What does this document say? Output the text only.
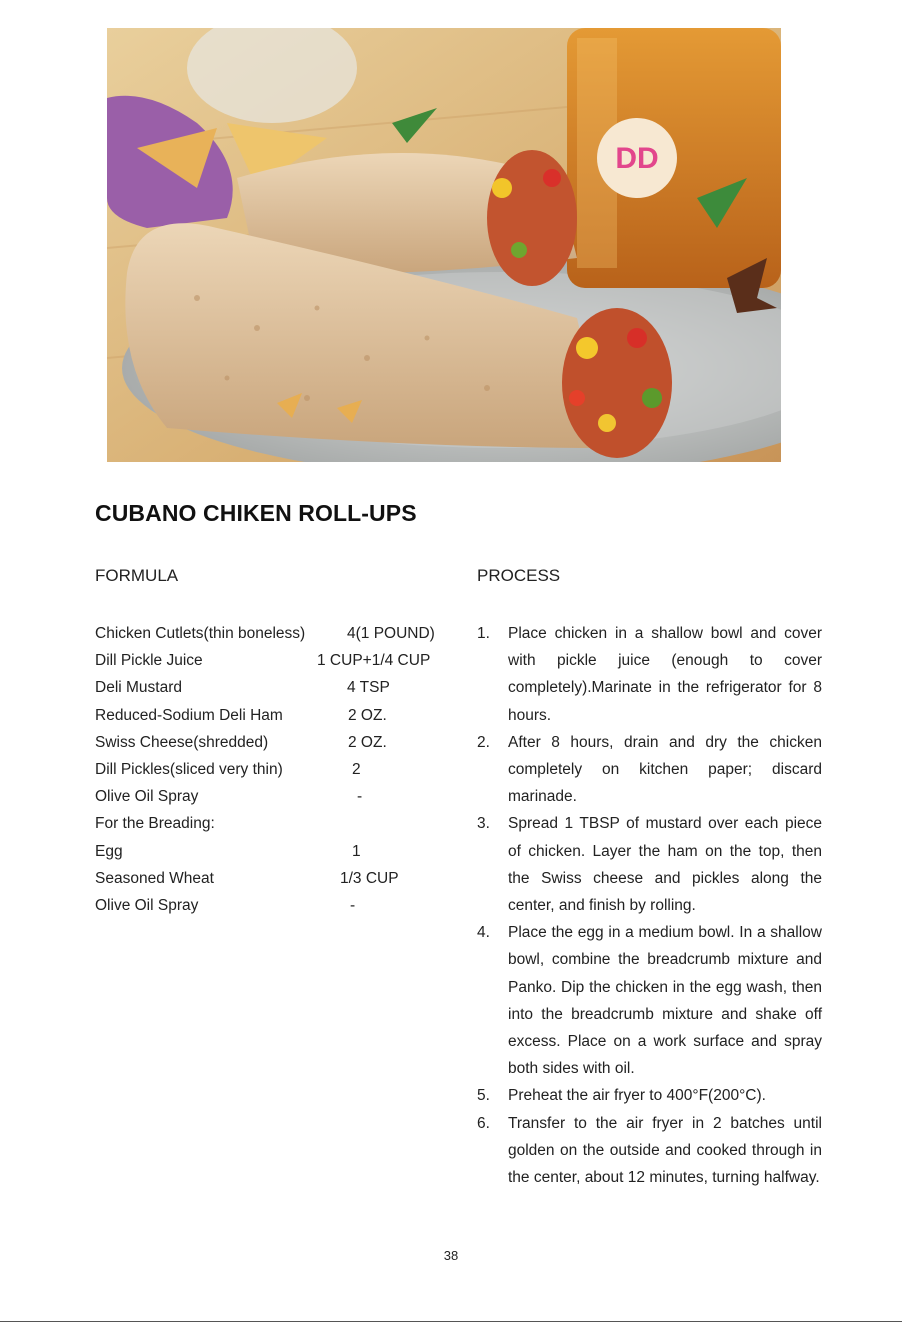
DD
CUBANO CHIKEN ROLL-UPS
FORMULA	PROCESS
Chicken Cutlets(thin boneless)	4(1 POUND)
Dill Pickle Juice	1 CUP+1/4 CUP
Deli Mustard	4 TSP
Reduced-Sodium Deli Ham	2 OZ.
Swiss Cheese(shredded)	2 OZ.
Dill Pickles(sliced very thin)	2
Olive Oil Spray	-
For the Breading:
Egg	1
Seasoned Wheat	1/3 CUP
Olive Oil Spray	-
1. Place chicken in a shallow bowl and cover with pickle juice (enough to cover completely).Marinate in the refrigerator for 8 hours.
2. After 8 hours, drain and dry the chicken completely on kitchen paper; discard marinade.
3. Spread 1 TBSP of mustard over each piece of chicken. Layer the ham on the top, then the Swiss cheese and pickles along the center, and finish by rolling.
4. Place the egg in a medium bowl. In a shallow bowl, combine the breadcrumb mixture and Panko. Dip the chicken in the egg wash, then into the breadcrumb mixture and shake off excess. Place on a work surface and spray both sides with oil.
5. Preheat the air fryer to 400°F(200°C).
6. Transfer to the air fryer in 2 batches until golden on the outside and cooked through in the center, about 12 minutes, turning halfway.
38
